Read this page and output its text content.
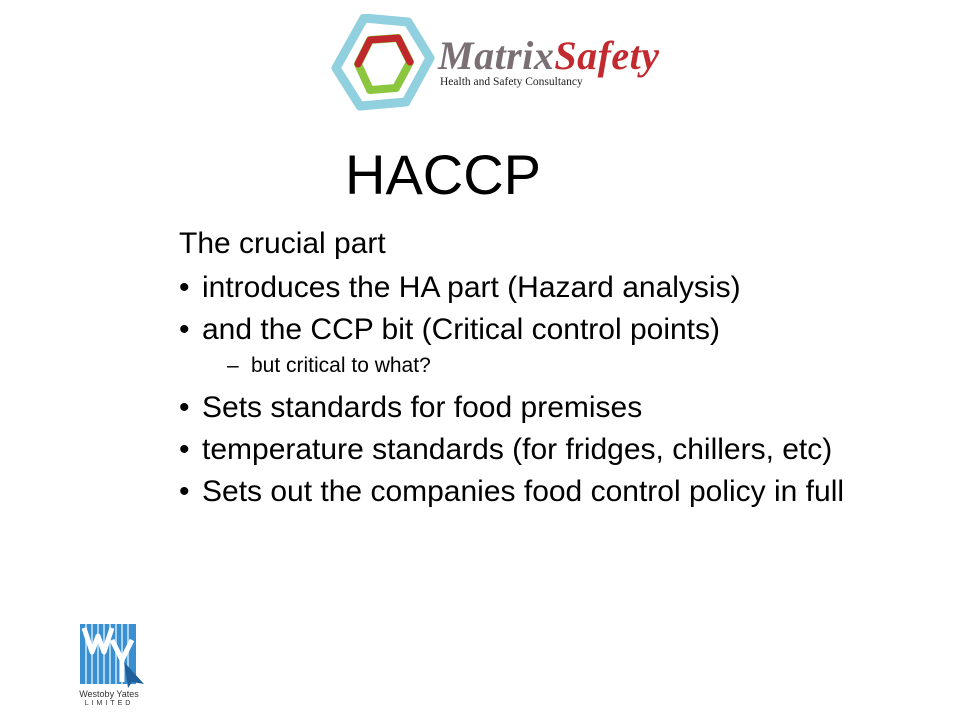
MatrixSafety
Health and Safety Consultancy
HACCP
The crucial part
• introduces the HA part (Hazard analysis)
• and the CCP bit (Critical control points)
– but critical to what?
• Sets standards for food premises
• temperature standards (for fridges, chillers, etc)
• Sets out the companies food control policy in full
Westoby Yates
LIMITED
